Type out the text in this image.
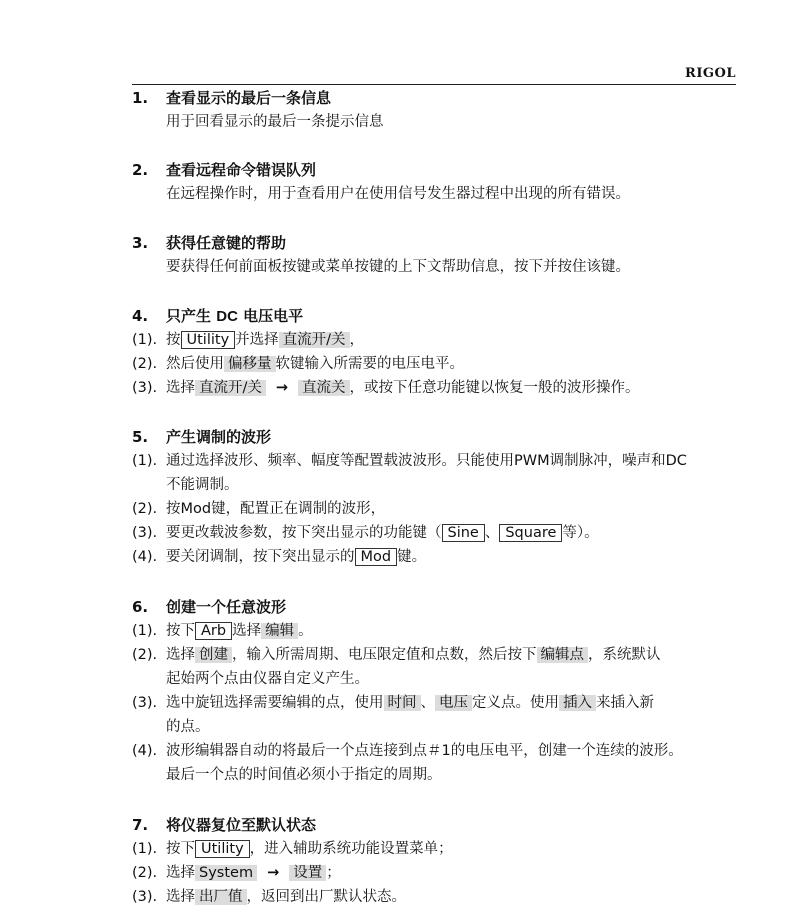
RIGOL
1. 查看显示的最后一条信息
用于回看显示的最后一条提示信息
2. 查看远程命令错误队列
在远程操作时，用于查看用户在使用信号发生器过程中出现的所有错误。
3. 获得任意键的帮助
要获得任何前面板按键或菜单按键的上下文帮助信息，按下并按住该键。
4. 只产生 DC 电压电平
(1). 按 Utility 并选择 直流开/关 ，
(2). 然后使用 偏移量 软键输入所需要的电压电平。
(3). 选择 直流开/关 → 直流关 ，或按下任意功能键以恢复一般的波形操作。
5. 产生调制的波形
(1). 通过选择波形、频率、幅度等配置载波波形。只能使用PWM调制脉冲，噪声和DC
不能调制。
(2). 按Mod键，配置正在调制的波形，
(3). 要更改载波参数，按下突出显示的功能键（ Sine 、 Square 等）。
(4). 要关闭调制，按下突出显示的 Mod 键。
6. 创建一个任意波形
(1). 按下 Arb 选择 编辑 。
(2). 选择 创建 ，输入所需周期、电压限定值和点数，然后按下 编辑点 ，系统默认
起始两个点由仪器自定义产生。
(3). 选中旋钮选择需要编辑的点，使用 时间 、 电压 定义点。使用 插入 来插入新
的点。
(4). 波形编辑器自动的将最后一个点连接到点＃1的电压电平，创建一个连续的波形。
最后一个点的时间值必须小于指定的周期。
7. 将仪器复位至默认状态
(1). 按下 Utility ，进入辅助系统功能设置菜单；
(2). 选择 System → 设置 ；
(3). 选择 出厂值 ，返回到出厂默认状态。
